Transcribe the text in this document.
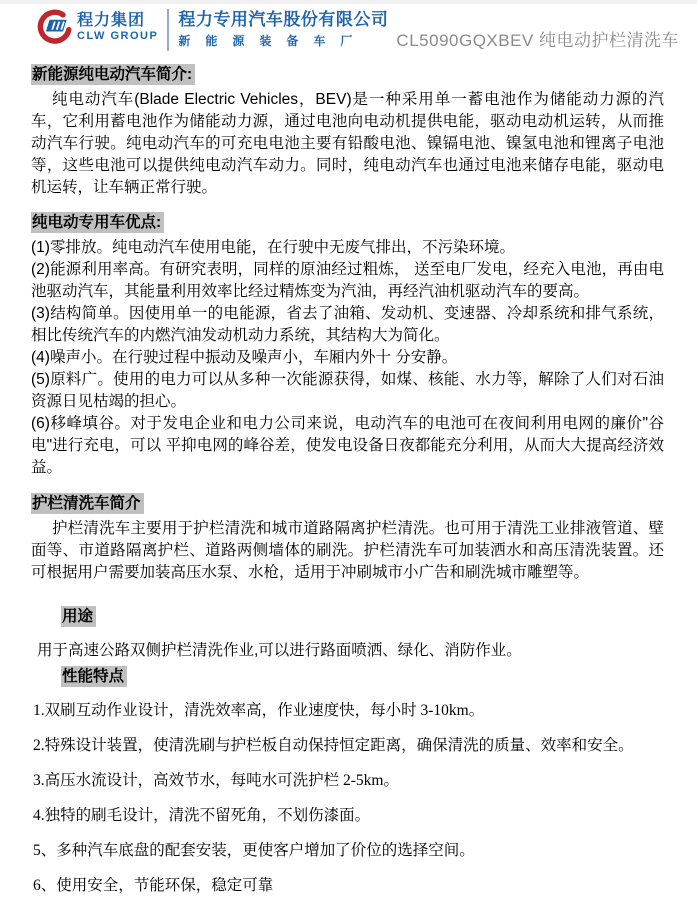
程力集团
CLW GROUP
程力专用汽车股份有限公司
新能源装备车厂	CL5090GQXBEV 纯电动护栏清洗车
新能源纯电动汽车简介:

纯电动汽车(Blade Electric Vehicles，BEV)是一种采用单一蓄电池作为储能动力源的汽车，它利用蓄电池作为储能动力源，通过电池向电动机提供电能，驱动电动机运转，从而推动汽车行驶。纯电动汽车的可充电电池主要有铅酸电池、镍镉电池、镍氢电池和锂离子电池等，这些电池可以提供纯电动汽车动力。同时，纯电动汽车也通过电池来储存电能，驱动电机运转，让车辆正常行驶。

纯电动专用车优点:

(1)零排放。纯电动汽车使用电能，在行驶中无废气排出，不污染环境。

(2)能源利用率高。有研究表明，同样的原油经过粗炼， 送至电厂发电，经充入电池，再由电池驱动汽车，其能量利用效率比经过精炼变为汽油，再经汽油机驱动汽车的要高。

(3)结构简单。因使用单一的电能源，省去了油箱、发动机、变速器、冷却系统和排气系统，相比传统汽车的内燃汽油发动机动力系统，其结构大为简化。

(4)噪声小。在行驶过程中振动及噪声小，车厢内外十 分安静。

(5)原料广。使用的电力可以从多种一次能源获得，如煤、核能、水力等，解除了人们对石油资源日见枯竭的担心。

(6)移峰填谷。对于发电企业和电力公司来说，电动汽车的电池可在夜间利用电网的廉价"谷电"进行充电，可以 平抑电网的峰谷差，使发电设备日夜都能充分利用，从而大大提高经济效益。

护栏清洗车简介

护栏清洗车主要用于护栏清洗和城市道路隔离护栏清洗。也可用于清洗工业排液管道、壁面等、市道路隔离护栏、道路两侧墙体的刷洗。护栏清洗车可加装洒水和高压清洗装置。还可根据用户需要加装高压水泵、水枪，适用于冲刷城市小广告和刷洗城市雕塑等。

用途

用于高速公路双侧护栏清洗作业,可以进行路面喷洒、绿化、消防作业。

性能特点

1.双刷互动作业设计，清洗效率高，作业速度快，每小时 3-10km。

2.特殊设计装置，使清洗刷与护栏板自动保持恒定距离，确保清洗的质量、效率和安全。

3.高压水流设计，高效节水，每吨水可洗护栏 2-5km。

4.独特的刷毛设计，清洗不留死角，不划伤漆面。

5、多种汽车底盘的配套安装，更使客户增加了价位的选择空间。

6、使用安全，节能环保，稳定可靠
